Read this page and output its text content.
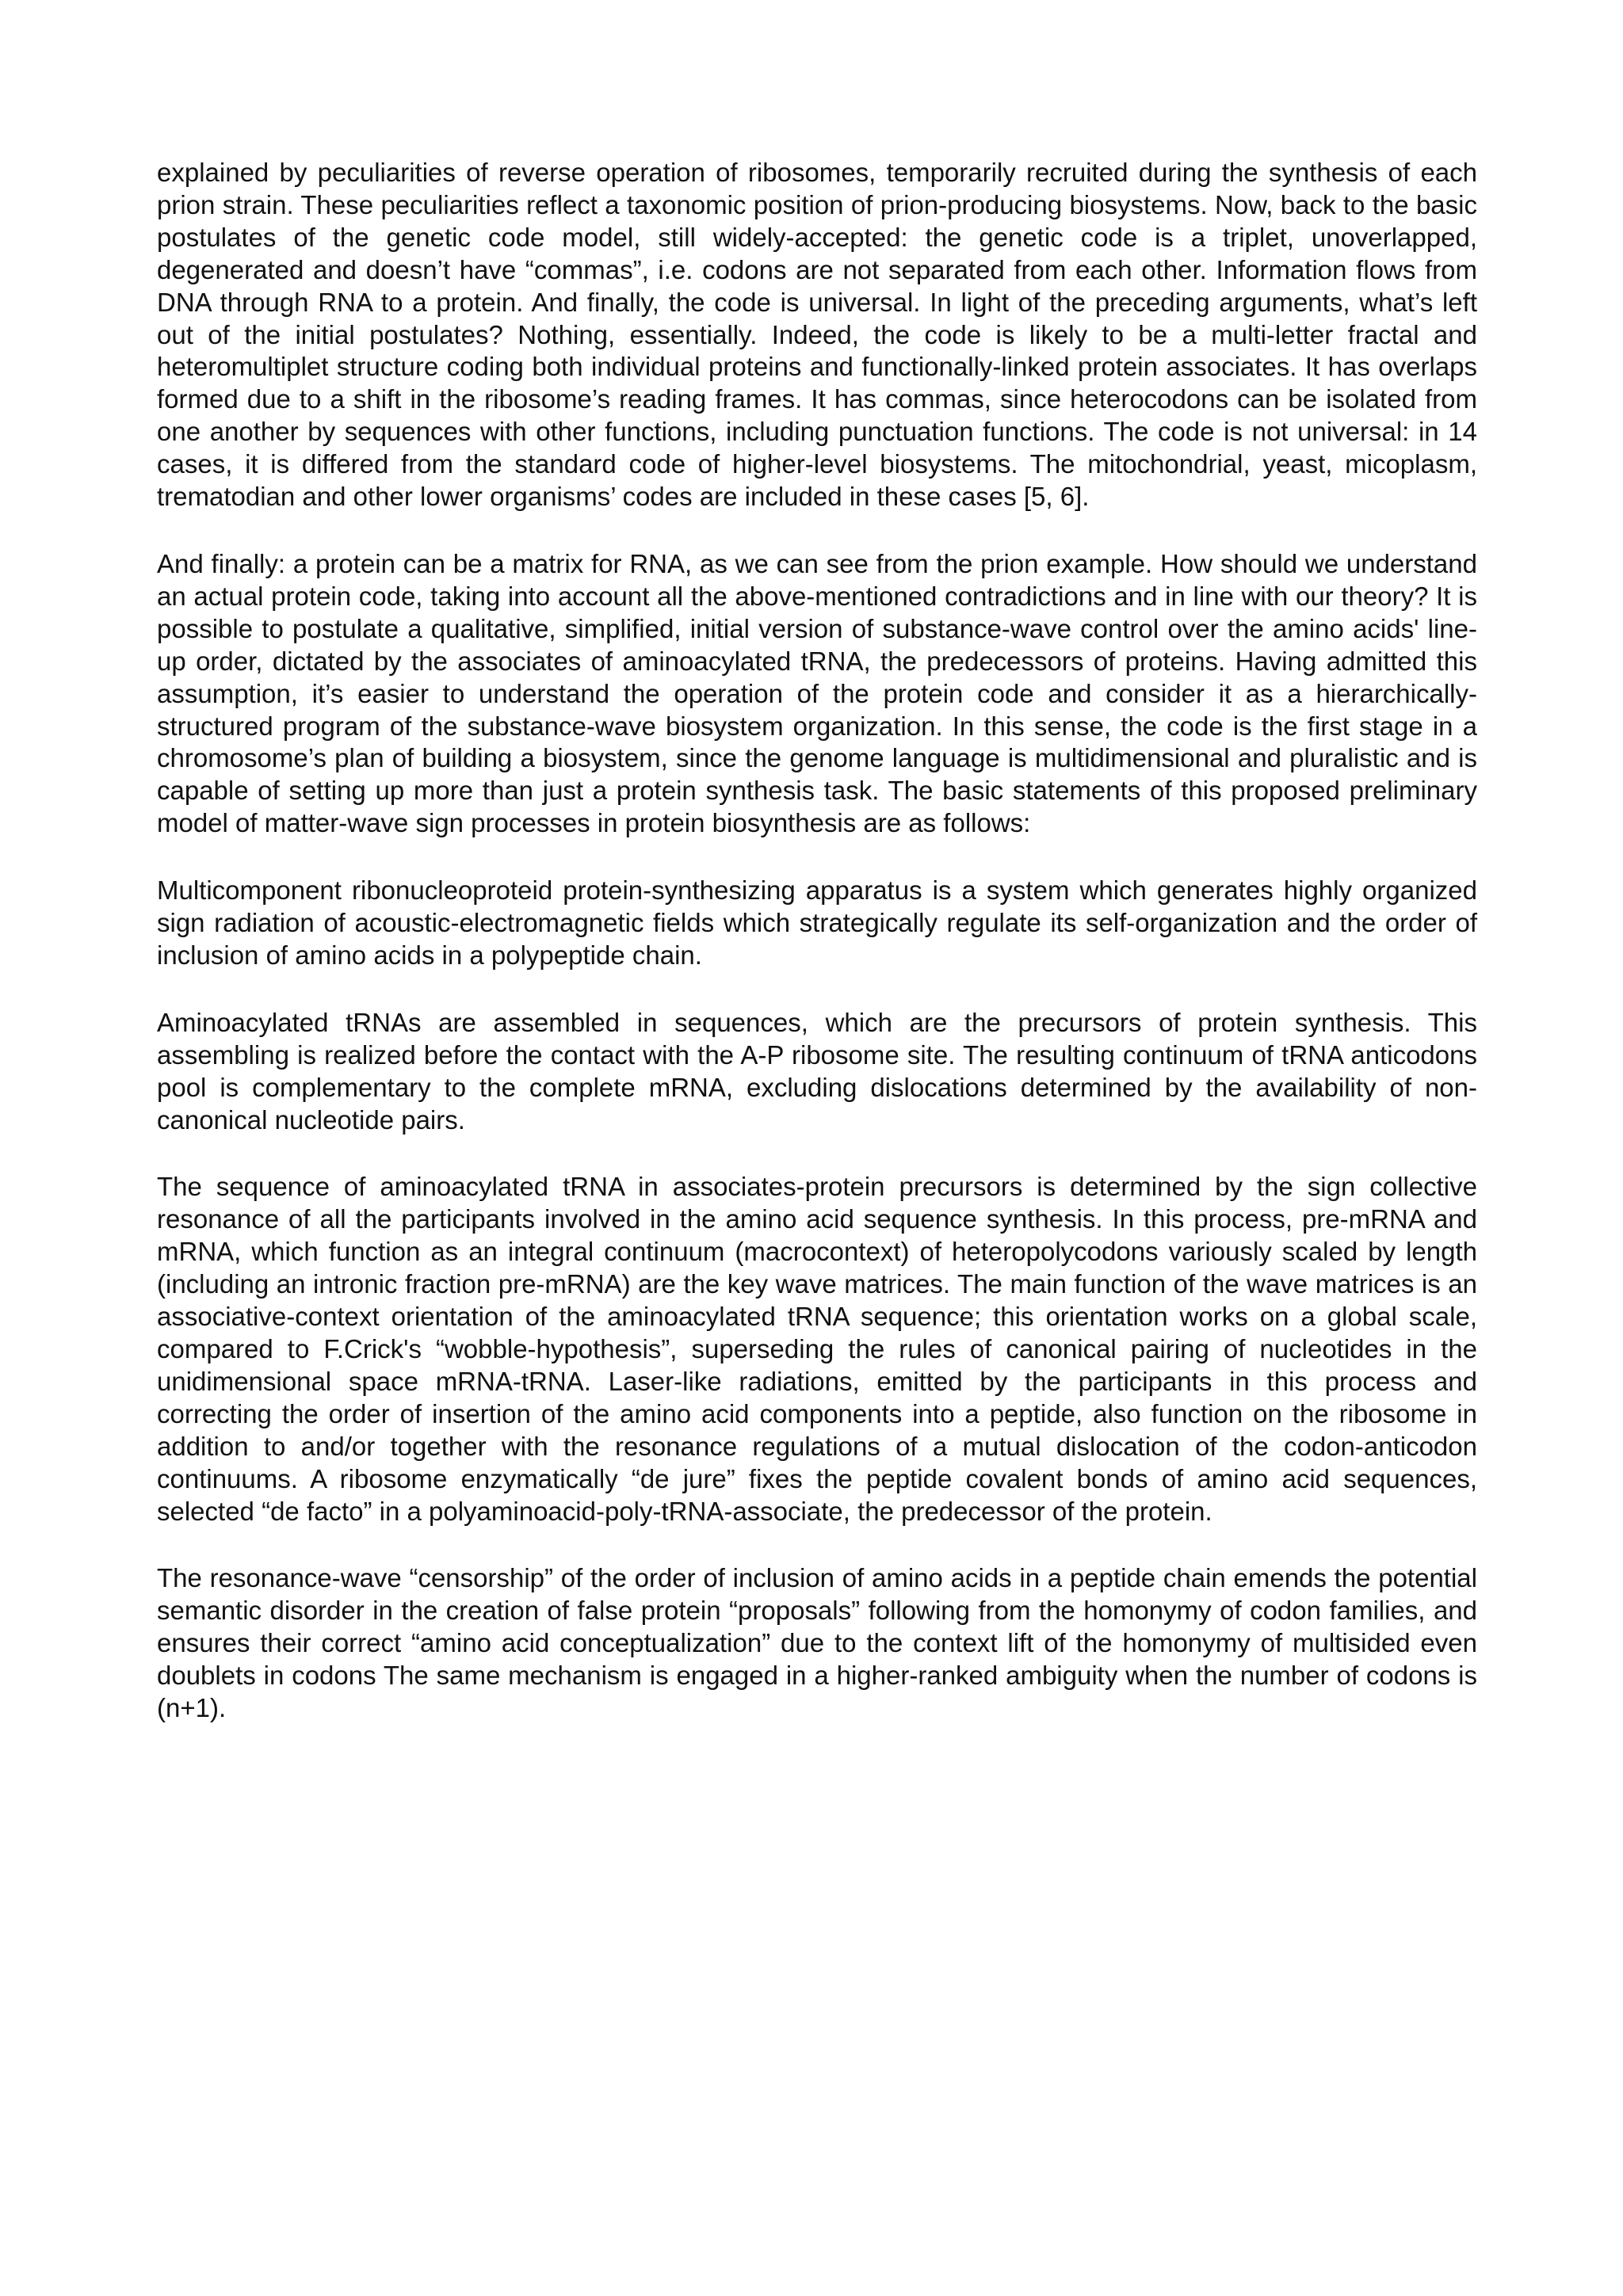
explained by peculiarities of reverse operation of ribosomes, temporarily recruited during the synthesis of each prion strain. These peculiarities reflect a taxonomic position of prion-producing biosystems. Now, back to the basic postulates of the genetic code model, still widely-accepted: the genetic code is a triplet, unoverlapped, degenerated and doesn’t have “commas”, i.e. codons are not separated from each other. Information flows from DNA through RNA to a protein. And finally, the code is universal. In light of the preceding arguments, what’s left out of the initial postulates? Nothing, essentially. Indeed, the code is likely to be a multi-letter fractal and heteromultiplet structure coding both individual proteins and functionally-linked protein associates. It has overlaps formed due to a shift in the ribosome’s reading frames. It has commas, since heterocodons can be isolated from one another by sequences with other functions, including punctuation functions. The code is not universal: in 14 cases, it is differed from the standard code of higher-level biosystems. The mitochondrial, yeast, micoplasm, trematodian and other lower organisms’ codes are included in these cases [5, 6].

And finally: a protein can be a matrix for RNA, as we can see from the prion example. How should we understand an actual protein code, taking into account all the above-mentioned contradictions and in line with our theory? It is possible to postulate a qualitative, simplified, initial version of substance-wave control over the amino acids' line-up order, dictated by the associates of aminoacylated tRNA, the predecessors of proteins. Having admitted this assumption, it’s easier to understand the operation of the protein code and consider it as a hierarchically-structured program of the substance-wave biosystem organization. In this sense, the code is the first stage in a chromosome’s plan of building a biosystem, since the genome language is multidimensional and pluralistic and is capable of setting up more than just a protein synthesis task. The basic statements of this proposed preliminary model of matter-wave sign processes in protein biosynthesis are as follows:

Multicomponent ribonucleoproteid protein-synthesizing apparatus is a system which generates highly organized sign radiation of acoustic-electromagnetic fields which strategically regulate its self-organization and the order of inclusion of amino acids in a polypeptide chain.

Aminoacylated tRNAs are assembled in sequences, which are the precursors of protein synthesis. This assembling is realized before the contact with the A-P ribosome site. The resulting continuum of tRNA anticodons pool is complementary to the complete mRNA, excluding dislocations determined by the availability of non-canonical nucleotide pairs.

The sequence of aminoacylated tRNA in associates-protein precursors is determined by the sign collective resonance of all the participants involved in the amino acid sequence synthesis. In this process, pre-mRNA and mRNA, which function as an integral continuum (macrocontext) of heteropolycodons variously scaled by length (including an intronic fraction pre-mRNA) are the key wave matrices. The main function of the wave matrices is an associative-context orientation of the aminoacylated tRNA sequence; this orientation works on a global scale, compared to F.Crick's “wobble-hypothesis”, superseding the rules of canonical pairing of nucleotides in the unidimensional space mRNA-tRNA. Laser-like radiations, emitted by the participants in this process and correcting the order of insertion of the amino acid components into a peptide, also function on the ribosome in addition to and/or together with the resonance regulations of a mutual dislocation of the codon-anticodon continuums. A ribosome enzymatically “de jure” fixes the peptide covalent bonds of amino acid sequences, selected “de facto” in a polyaminoacid-poly-tRNA-associate, the predecessor of the protein.

The resonance-wave “censorship” of the order of inclusion of amino acids in a peptide chain emends the potential semantic disorder in the creation of false protein “proposals” following from the homonymy of codon families, and ensures their correct “amino acid conceptualization” due to the context lift of the homonymy of multisided even doublets in codons The same mechanism is engaged in a higher-ranked ambiguity when the number of codons is (n+1).
